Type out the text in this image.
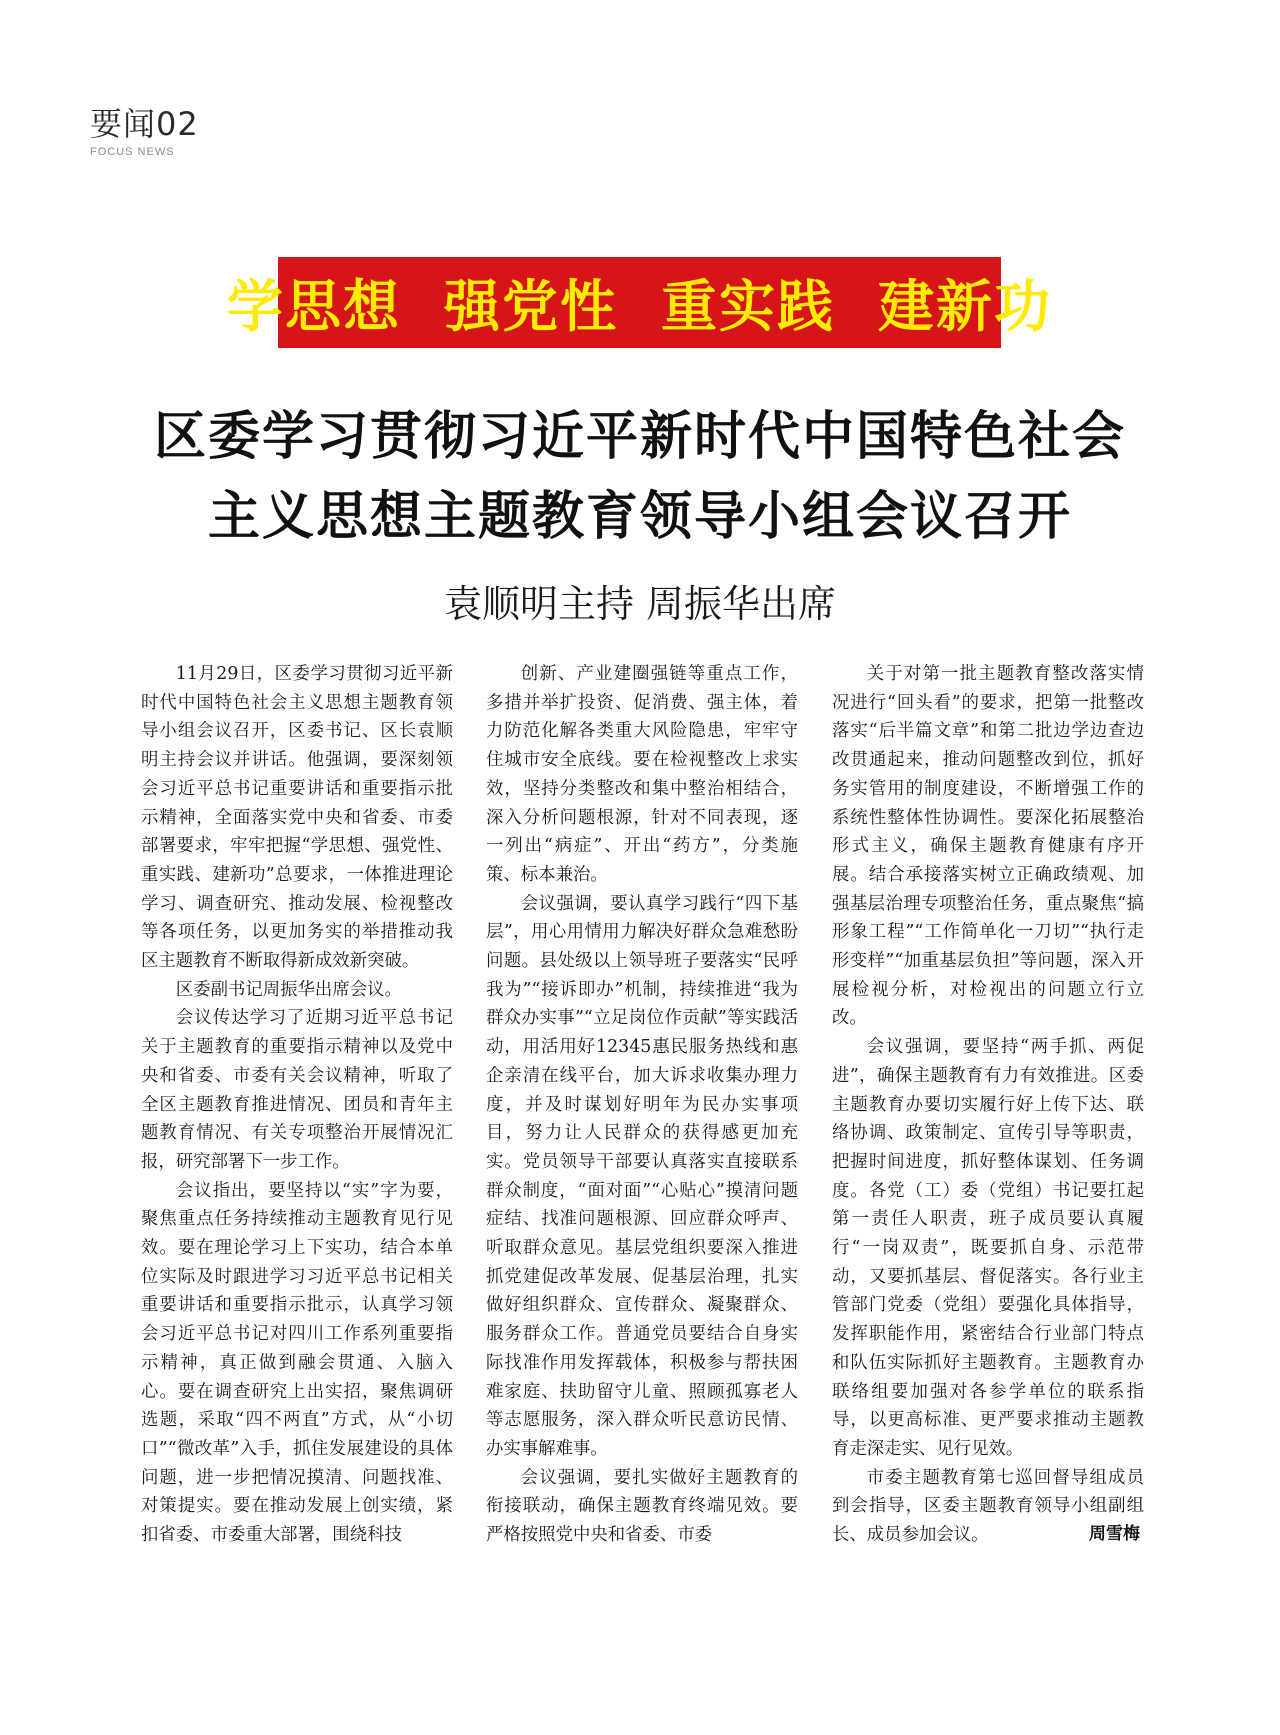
要闻02
FOCUS NEWS
学思想  强党性  重实践  建新功
区委学习贯彻习近平新时代中国特色社会
主义思想主题教育领导小组会议召开
袁顺明主持 周振华出席

11月29日，区委学习贯彻习近平新时代中国特色社会主义思想主题教育领导小组会议召开，区委书记、区长袁顺明主持会议并讲话。他强调，要深刻领会习近平总书记重要讲话和重要指示批示精神，全面落实党中央和省委、市委部署要求，牢牢把握“学思想、强党性、重实践、建新功”总要求，一体推进理论学习、调查研究、推动发展、检视整改等各项任务，以更加务实的举措推动我区主题教育不断取得新成效新突破。

区委副书记周振华出席会议。

会议传达学习了近期习近平总书记关于主题教育的重要指示精神以及党中央和省委、市委有关会议精神，听取了全区主题教育推进情况、团员和青年主题教育情况、有关专项整治开展情况汇报，研究部署下一步工作。

会议指出，要坚持以“实”字为要，聚焦重点任务持续推动主题教育见行见效。要在理论学习上下实功，结合本单位实际及时跟进学习习近平总书记相关重要讲话和重要指示批示，认真学习领会习近平总书记对四川工作系列重要指示精神，真正做到融会贯通、入脑入心。要在调查研究上出实招，聚焦调研选题，采取“四不两直”方式，从“小切口”“微改革”入手，抓住发展建设的具体问题，进一步把情况摸清、问题找准、对策提实。要在推动发展上创实绩，紧扣省委、市委重大部署，围绕科技

创新、产业建圈强链等重点工作，多措并举扩投资、促消费、强主体，着力防范化解各类重大风险隐患，牢牢守住城市安全底线。要在检视整改上求实效，坚持分类整改和集中整治相结合，深入分析问题根源，针对不同表现，逐一列出“病症”、开出“药方”，分类施策、标本兼治。

会议强调，要认真学习践行“四下基层”，用心用情用力解决好群众急难愁盼问题。县处级以上领导班子要落实“民呼我为”“接诉即办”机制，持续推进“我为群众办实事”“立足岗位作贡献”等实践活动，用活用好12345惠民服务热线和惠企亲清在线平台，加大诉求收集办理力度，并及时谋划好明年为民办实事项目，努力让人民群众的获得感更加充实。党员领导干部要认真落实直接联系群众制度，“面对面”“心贴心”摸清问题症结、找准问题根源、回应群众呼声、听取群众意见。基层党组织要深入推进抓党建促改革发展、促基层治理，扎实做好组织群众、宣传群众、凝聚群众、服务群众工作。普通党员要结合自身实际找准作用发挥载体，积极参与帮扶困难家庭、扶助留守儿童、照顾孤寡老人等志愿服务，深入群众听民意访民情、办实事解难事。

会议强调，要扎实做好主题教育的衔接联动，确保主题教育终端见效。要严格按照党中央和省委、市委

关于对第一批主题教育整改落实情况进行“回头看”的要求，把第一批整改落实“后半篇文章”和第二批边学边查边改贯通起来，推动问题整改到位，抓好务实管用的制度建设，不断增强工作的系统性整体性协调性。要深化拓展整治形式主义，确保主题教育健康有序开展。结合承接落实树立正确政绩观、加强基层治理专项整治任务，重点聚焦“搞形象工程”“工作简单化一刀切”“执行走形变样”“加重基层负担”等问题，深入开展检视分析，对检视出的问题立行立改。

会议强调，要坚持“两手抓、两促进”，确保主题教育有力有效推进。区委主题教育办要切实履行好上传下达、联络协调、政策制定、宣传引导等职责，把握时间进度，抓好整体谋划、任务调度。各党（工）委（党组）书记要扛起第一责任人职责，班子成员要认真履行“一岗双责”，既要抓自身、示范带动，又要抓基层、督促落实。各行业主管部门党委（党组）要强化具体指导，发挥职能作用，紧密结合行业部门特点和队伍实际抓好主题教育。主题教育办联络组要加强对各参学单位的联系指导，以更高标准、更严要求推动主题教育走深走实、见行见效。

市委主题教育第七巡回督导组成员到会指导，区委主题教育领导小组副组长、成员参加会议。	周雪梅
